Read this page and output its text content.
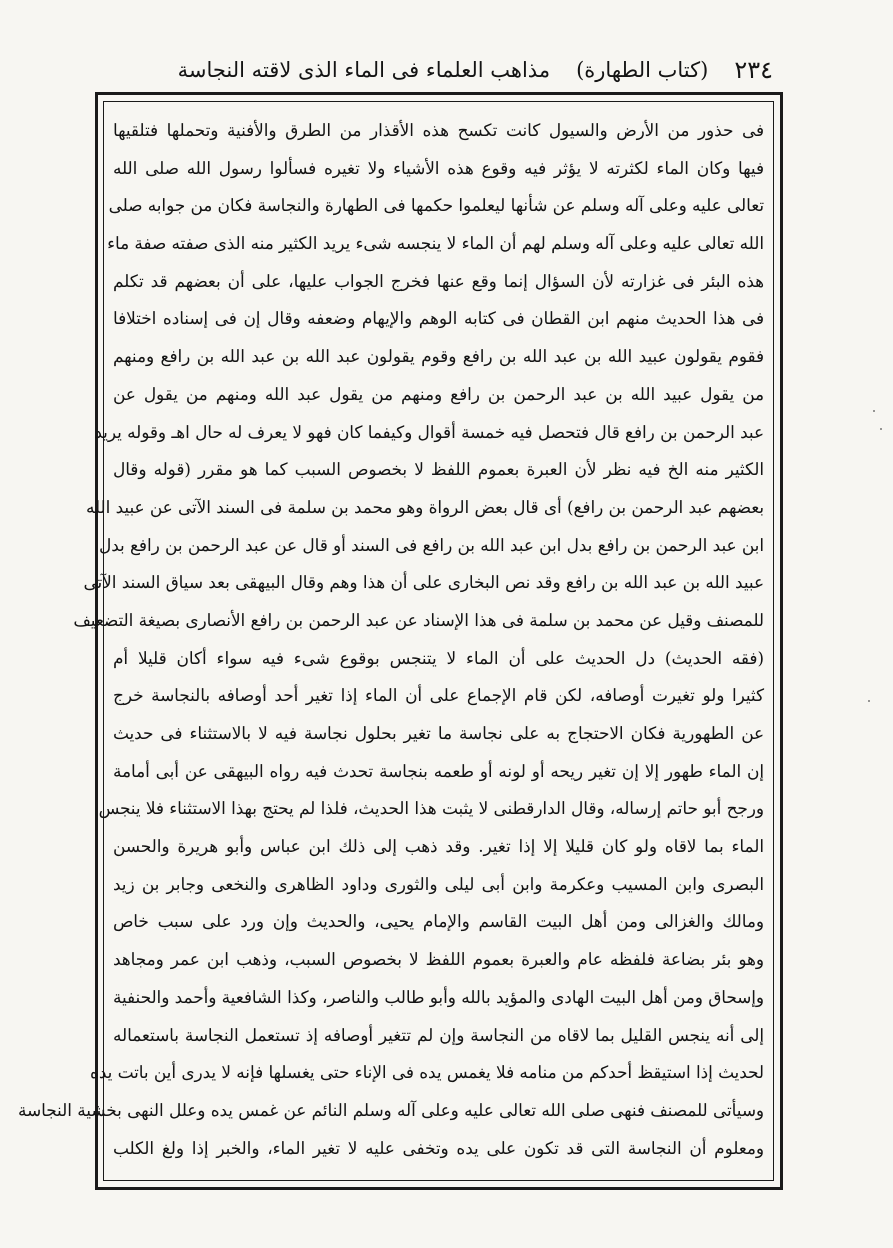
٢٣٤
(كتاب الطهارة)
مذاهب العلماء فى الماء الذى لاقته النجاسة
فى حذور من الأرض والسيول كانت تكسح هذه الأقذار من الطرق والأفنية وتحملها فتلقيها
فيها وكان الماء لكثرته لا يؤثر فيه وقوع هذه الأشياء ولا تغيره فسألوا رسول الله صلى الله
تعالى عليه وعلى آله وسلم عن شأنها ليعلموا حكمها فى الطهارة والنجاسة فكان من جوابه صلى
الله تعالى عليه وعلى آله وسلم لهم أن الماء لا ينجسه شىء يريد الكثير منه الذى صفته صفة ماء
هذه البئر فى غزارته لأن السؤال إنما وقع عنها فخرج الجواب عليها، على أن بعضهم قد تكلم
فى هذا الحديث منهم ابن القطان فى كتابه الوهم والإيهام وضعفه وقال إن فى إسناده اختلافا
فقوم يقولون عبيد الله بن عبد الله بن رافع وقوم يقولون عبد الله بن عبد الله بن رافع ومنهم
من يقول عبيد الله بن عبد الرحمن بن رافع ومنهم من يقول عبد الله ومنهم من يقول عن
عبد الرحمن بن رافع قال فتحصل فيه خمسة أقوال وكيفما كان فهو لا يعرف له حال اهـ وقوله يريد
الكثير منه الخ فيه نظر لأن العبرة بعموم اللفظ لا بخصوص السبب كما هو مقرر (قوله وقال
بعضهم عبد الرحمن بن رافع) أى قال بعض الرواة وهو محمد بن سلمة فى السند الآتى عن عبيد الله
ابن عبد الرحمن بن رافع بدل ابن عبد الله بن رافع فى السند أو قال عن عبد الرحمن بن رافع بدل
عبيد الله بن عبد الله بن رافع وقد نص البخارى على أن هذا وهم وقال البيهقى بعد سياق السند الآتى
للمصنف وقيل عن محمد بن سلمة فى هذا الإسناد عن عبد الرحمن بن رافع الأنصارى بصيغة التضعيف
(فقه الحديث) دل الحديث على أن الماء لا يتنجس بوقوع شىء فيه سواء أكان قليلا أم
كثيرا ولو تغيرت أوصافه، لكن قام الإجماع على أن الماء إذا تغير أحد أوصافه بالنجاسة خرج
عن الطهورية فكان الاحتجاج به على نجاسة ما تغير بحلول نجاسة فيه لا بالاستثناء فى حديث
إن الماء طهور إلا إن تغير ريحه أو لونه أو طعمه بنجاسة تحدث فيه رواه البيهقى عن أبى أمامة
ورجح أبو حاتم إرساله، وقال الدارقطنى لا يثبت هذا الحديث، فلذا لم يحتج بهذا الاستثناء فلا ينجس
الماء بما لاقاه ولو كان قليلا إلا إذا تغير. وقد ذهب إلى ذلك ابن عباس وأبو هريرة والحسن
البصرى وابن المسيب وعكرمة وابن أبى ليلى والثورى وداود الظاهرى والنخعى وجابر بن زيد
ومالك والغزالى ومن أهل البيت القاسم والإمام يحيى، والحديث وإن ورد على سبب خاص
وهو بئر بضاعة فلفظه عام والعبرة بعموم اللفظ لا بخصوص السبب، وذهب ابن عمر ومجاهد
وإسحاق ومن أهل البيت الهادى والمؤيد بالله وأبو طالب والناصر، وكذا الشافعية وأحمد والحنفية
إلى أنه ينجس القليل بما لاقاه من النجاسة وإن لم تتغير أوصافه إذ تستعمل النجاسة باستعماله
لحديث إذا استيقظ أحدكم من منامه فلا يغمس يده فى الإناء حتى يغسلها فإنه لا يدرى أين باتت يده
وسيأتى للمصنف فنهى صلى الله تعالى عليه وعلى آله وسلم النائم عن غمس يده وعلل النهى بخشية النجاسة
ومعلوم أن النجاسة التى قد تكون على يده وتخفى عليه لا تغير الماء، والخبر إذا ولغ الكلب
